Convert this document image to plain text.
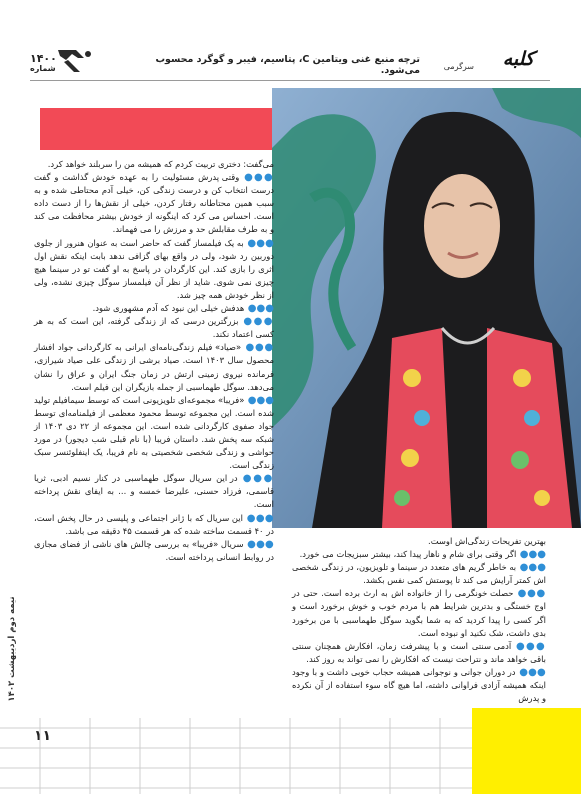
۱۴۰۰
شماره
ترچه منبع غنی ویتامین C، پتاسیم، فیبر و گوگرد محسوب می‌شود.
کلبه
سرگرمی

می‌گفت: دختری تربیت کردم که همیشه من را سربلند خواهد کرد.

●●● وقتی پدرش مسئولیت را به عهده خودش گذاشت و گفت درست انتخاب کن و درست زندگی کن، خیلی آدم محتاطی شده و به سبب همین محتاطانه رفتار کردن، خیلی از نقش‌ها را از دست داده است. احساس می کرد که اینگونه از خودش بیشتر محافظت می کند و به طرف مقابلش حد و مرزش را می فهماند.

●●● به یک فیلمساز گفت که حاضر است به عنوان هنرور از جلوی دوربین رد شود، ولی در واقع بهای گزافی ندهد بابت اینکه نقش اول اثری را بازی کند. این کارگردان در پاسخ به او گفت تو در سینما هیچ چیزی نمی شوی. شاید از نظر آن فیلمساز سوگل چیزی نشده، ولی از نظر خودش همه چیز شد.

●●● هدفش خیلی این نبود که آدم مشهوری شود.

●●● بزرگترین درسی که از زندگی گرفته، این است که به هر کسی اعتماد نکند.

●●● «صیاد» فیلم زندگی‌نامه‌ای ایرانی به کارگردانی جواد افشار محصول سال ۱۴۰۳ است. صیاد برشی از زندگی علی صیاد شیرازی، فرمانده نیروی زمینی ارتش در زمان جنگ ایران و عراق را نشان می‌دهد. سوگل طهماسبی از جمله بازیگران این فیلم است.

●●● «فریبا» مجموعه‌ای تلویزیونی است که توسط سیمافیلم تولید شده است. این مجموعه توسط محمود معظمی از فیلمنامه‌ای توسط جواد صفوی کارگردانی شده است. این مجموعه از ۲۲ دی ۱۴۰۳ از شبکه سه پخش شد. داستان فریبا (با نام قبلی شب دیجور) در مورد حواشی و زندگی شخصی شخصیتی به نام فریبا، یک اینفلوئنسر سبک زندگی است.

●●● در این سریال سوگل طهماسبی در کنار نسیم ادبی، ثریا قاسمی، فرزاد حسنی، علیرضا خمسه و ... به ایفای نقش پرداخته است.

●●● این سریال که با ژانر اجتماعی و پلیسی در حال پخش است، در ۴۰ قسمت ساخته شده که هر قسمت ۴۵ دقیقه می باشد.

●●● سریال «فریبا» به بررسی چالش های ناشی از فضای مجازی در روابط انسانی پرداخته است.

بهترین تفریحات زندگی‌اش اوست.

●●● اگر وقتی برای شام و ناهار پیدا کند، بیشتر سبزیجات می خورد.

●●● به خاطر گریم های متعدد در سینما و تلویزیون، در زندگی شخصی اش کمتر آرایش می کند تا پوستش کمی نفس بکشد.

●●● حصلت خونگرمی را از خانواده اش به ارث برده است. حتی در اوج خستگی و بدترین شرایط هم با مردم خوب و خوش برخورد است و اگر کسی را پیدا کردید که به شما بگوید سوگل طهماسبی با من برخورد بدی داشت، شک نکنید او نبوده است.

●●● آدمی سنتی است و با پیشرفت زمان، افکارش همچنان سنتی باقی خواهد ماند و نتراحت نیست که افکارش را نمی تواند به روز کند.

●●● در دوران جوانی و نوجوانی همیشه حجاب خوبی داشت و با وجود اینکه همیشه آزادی فراوانی داشته، اما هیچ گاه سوء استفاده از آن نکرده و پدرش

نیمه دوم اردیبهشت ۱۴۰۲
۱۱
